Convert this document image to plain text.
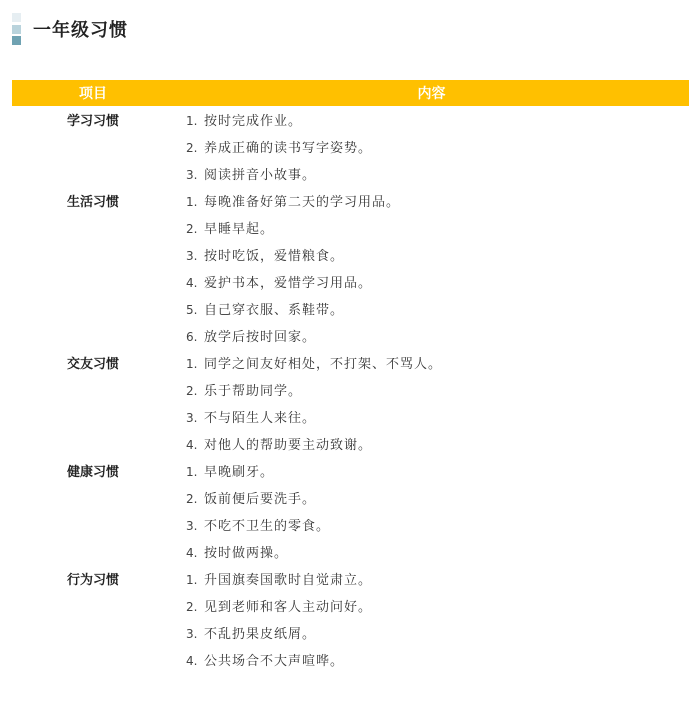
一年级习惯
项目	内容
学习习惯	1. 按时完成作业。
2. 养成正确的读书写字姿势。
3. 阅读拼音小故事。
生活习惯	1. 每晚准备好第二天的学习用品。
2. 早睡早起。
3. 按时吃饭，爱惜粮食。
4. 爱护书本，爱惜学习用品。
5. 自己穿衣服、系鞋带。
6. 放学后按时回家。
交友习惯	1. 同学之间友好相处，不打架、不骂人。
2. 乐于帮助同学。
3. 不与陌生人来往。
4. 对他人的帮助要主动致谢。
健康习惯	1. 早晚刷牙。
2. 饭前便后要洗手。
3. 不吃不卫生的零食。
4. 按时做两操。
行为习惯	1. 升国旗奏国歌时自觉肃立。
2. 见到老师和客人主动问好。
3. 不乱扔果皮纸屑。
4. 公共场合不大声喧哗。
